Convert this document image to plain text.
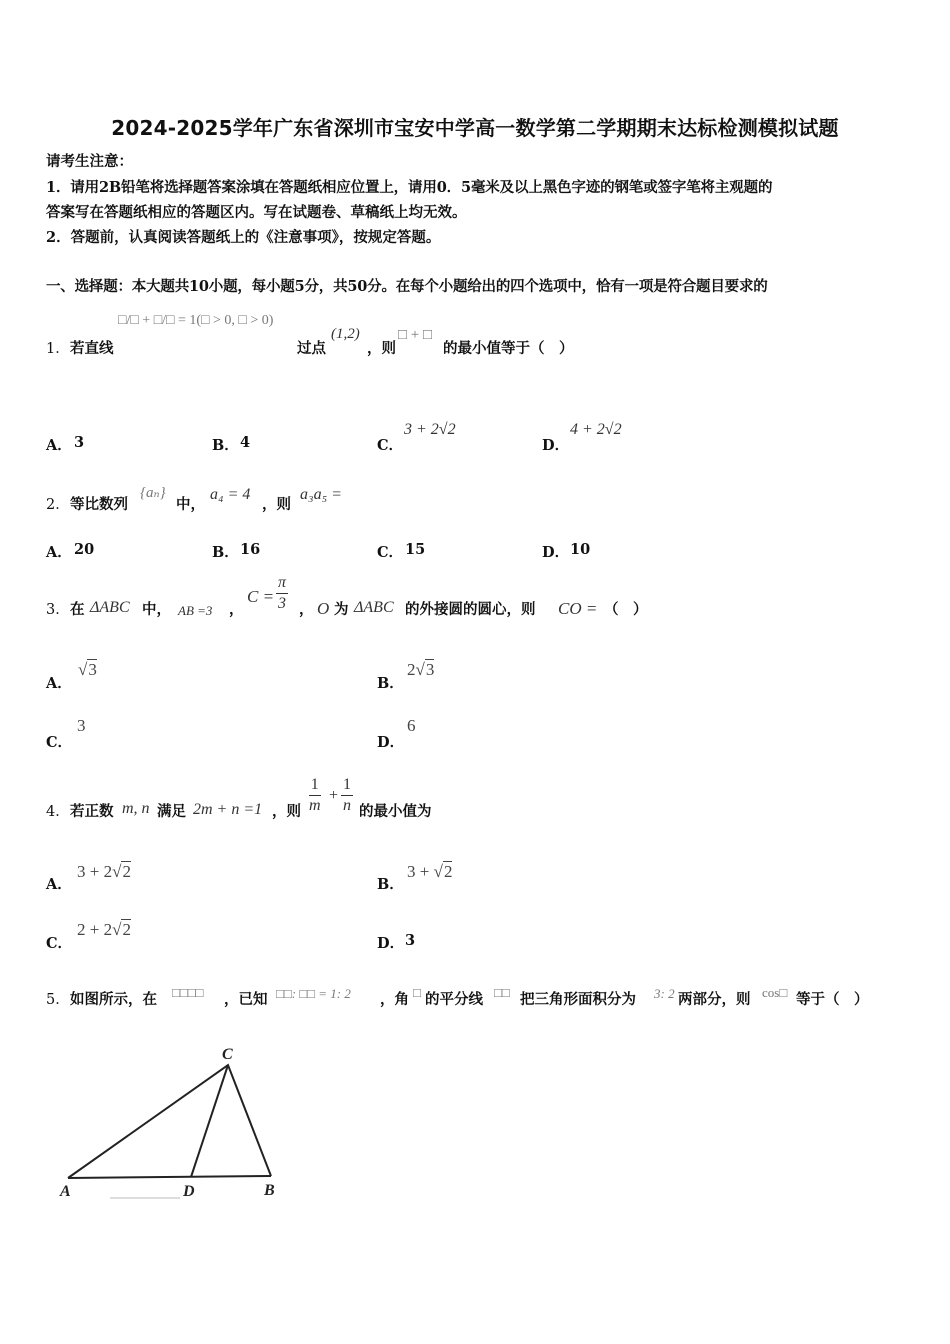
2024-2025学年广东省深圳市宝安中学高一数学第二学期期末达标检测模拟试题
请考生注意：
1．请用2B铅笔将选择题答案涂填在答题纸相应位置上，请用0．5毫米及以上黑色字迹的钢笔或签字笔将主观题的
答案写在答题纸相应的答题区内。写在试题卷、草稿纸上均无效。
2．答题前，认真阅读答题纸上的《注意事项》，按规定答题。
一、选择题：本大题共10小题，每小题5分，共50分。在每个小题给出的四个选项中，恰有一项是符合题目要求的
□/□ + □/□ = 1(□ > 0, □ > 0)
1． 若直线	过点
(1,2)
，则
□ + □
的最小值等于（　）
A． 3	B． 4	C．
3 + 2√2
D．
4 + 2√2
2． 等比数列
{aₙ}
中，
a₄ = 4
，则
a₃a₅ =
A． 20	B． 16	C． 15	D． 10
3． 在 ΔABC 中， AB =3 ，
$C = \frac{\pi}{3}$ ， O 为 ΔABC 的外接圆的圆心，则 CO = （　）
A．
√3
B．
2√3
C．
3
D．
6
4． 若正数 m, n 满足 2m + n =1 ，则 $\frac{1}{m} + \frac{1}{n}$ 的最小值为
A．
3 + 2√2
B．
3 + √2
C．
2 + 2√2
D． 3
5． 如图所示，在 □□□□ ，已知 □□: □□ = 1: 2 ，角 □ 的平分线 □□ 把三角形面积分为 3: 2 两部分，则 cos□ 等于（　）
A	D	B
C
